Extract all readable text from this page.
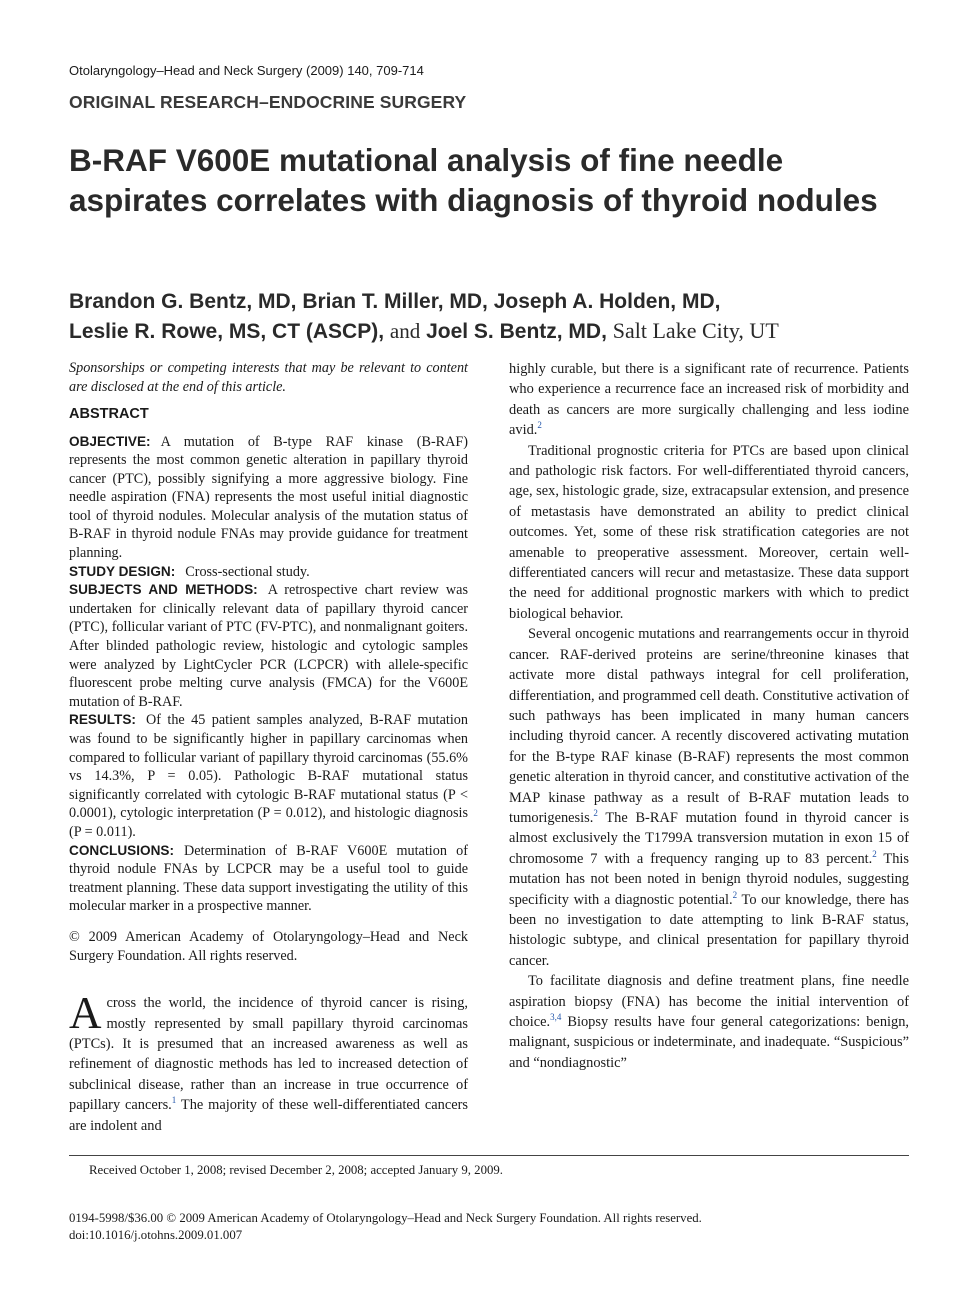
Otolaryngology–Head and Neck Surgery (2009) 140, 709-714
ORIGINAL RESEARCH–ENDOCRINE SURGERY
B-RAF V600E mutational analysis of fine needle aspirates correlates with diagnosis of thyroid nodules
Brandon G. Bentz, MD, Brian T. Miller, MD, Joseph A. Holden, MD,
Leslie R. Rowe, MS, CT (ASCP), and Joel S. Bentz, MD, Salt Lake City, UT

Sponsorships or competing interests that may be relevant to content are disclosed at the end of this article.

ABSTRACT

OBJECTIVE: A mutation of B-type RAF kinase (B-RAF) represents the most common genetic alteration in papillary thyroid cancer (PTC), possibly signifying a more aggressive biology. Fine needle aspiration (FNA) represents the most useful initial diagnostic tool of thyroid nodules. Molecular analysis of the mutation status of B-RAF in thyroid nodule FNAs may provide guidance for treatment planning.

STUDY DESIGN: Cross-sectional study.

SUBJECTS AND METHODS: A retrospective chart review was undertaken for clinically relevant data of papillary thyroid cancer (PTC), follicular variant of PTC (FV-PTC), and nonmalignant goiters. After blinded pathologic review, histologic and cytologic samples were analyzed by LightCycler PCR (LCPCR) with allele-specific fluorescent probe melting curve analysis (FMCA) for the V600E mutation of B-RAF.

RESULTS: Of the 45 patient samples analyzed, B-RAF mutation was found to be significantly higher in papillary carcinomas when compared to follicular variant of papillary thyroid carcinomas (55.6% vs 14.3%, P = 0.05). Pathologic B-RAF mutational status significantly correlated with cytologic B-RAF mutational status (P < 0.0001), cytologic interpretation (P = 0.012), and histologic diagnosis (P = 0.011).

CONCLUSIONS: Determination of B-RAF V600E mutation of thyroid nodule FNAs by LCPCR may be a useful tool to guide treatment planning. These data support investigating the utility of this molecular marker in a prospective manner.

© 2009 American Academy of Otolaryngology–Head and Neck Surgery Foundation. All rights reserved.

Across the world, the incidence of thyroid cancer is rising, mostly represented by small papillary thyroid carcinomas (PTCs). It is presumed that an increased awareness as well as refinement of diagnostic methods has led to increased detection of subclinical disease, rather than an increase in true occurrence of papillary cancers.$^1$ The majority of these well-differentiated cancers are indolent and

highly curable, but there is a significant rate of recurrence. Patients who experience a recurrence face an increased risk of morbidity and death as cancers are more surgically challenging and less iodine avid.$^2$

Traditional prognostic criteria for PTCs are based upon clinical and pathologic risk factors. For well-differentiated thyroid cancers, age, sex, histologic grade, size, extracapsular extension, and presence of metastasis have demonstrated an ability to predict clinical outcomes. Yet, some of these risk stratification categories are not amenable to preoperative assessment. Moreover, certain well-differentiated cancers will recur and metastasize. These data support the need for additional prognostic markers with which to predict biological behavior.

Several oncogenic mutations and rearrangements occur in thyroid cancer. RAF-derived proteins are serine/threonine kinases that activate more distal pathways integral for cell proliferation, differentiation, and programmed cell death. Constitutive activation of such pathways has been implicated in many human cancers including thyroid cancer. A recently discovered activating mutation for the B-type RAF kinase (B-RAF) represents the most common genetic alteration in thyroid cancer, and constitutive activation of the MAP kinase pathway as a result of B-RAF mutation leads to tumorigenesis.$^2$ The B-RAF mutation found in thyroid cancer is almost exclusively the T1799A transversion mutation in exon 15 of chromosome 7 with a frequency ranging up to 83 percent.$^2$ This mutation has not been noted in benign thyroid nodules, suggesting specificity with a diagnostic potential.$^2$ To our knowledge, there has been no investigation to date attempting to link B-RAF status, histologic subtype, and clinical presentation for papillary thyroid cancer.

To facilitate diagnosis and define treatment plans, fine needle aspiration biopsy (FNA) has become the initial intervention of choice.$^{3,4}$ Biopsy results have four general categorizations: benign, malignant, suspicious or indeterminate, and inadequate. “Suspicious” and “nondiagnostic”

Received October 1, 2008; revised December 2, 2008; accepted January 9, 2009.
0194-5998/$36.00 © 2009 American Academy of Otolaryngology–Head and Neck Surgery Foundation. All rights reserved.
doi:10.1016/j.otohns.2009.01.007
